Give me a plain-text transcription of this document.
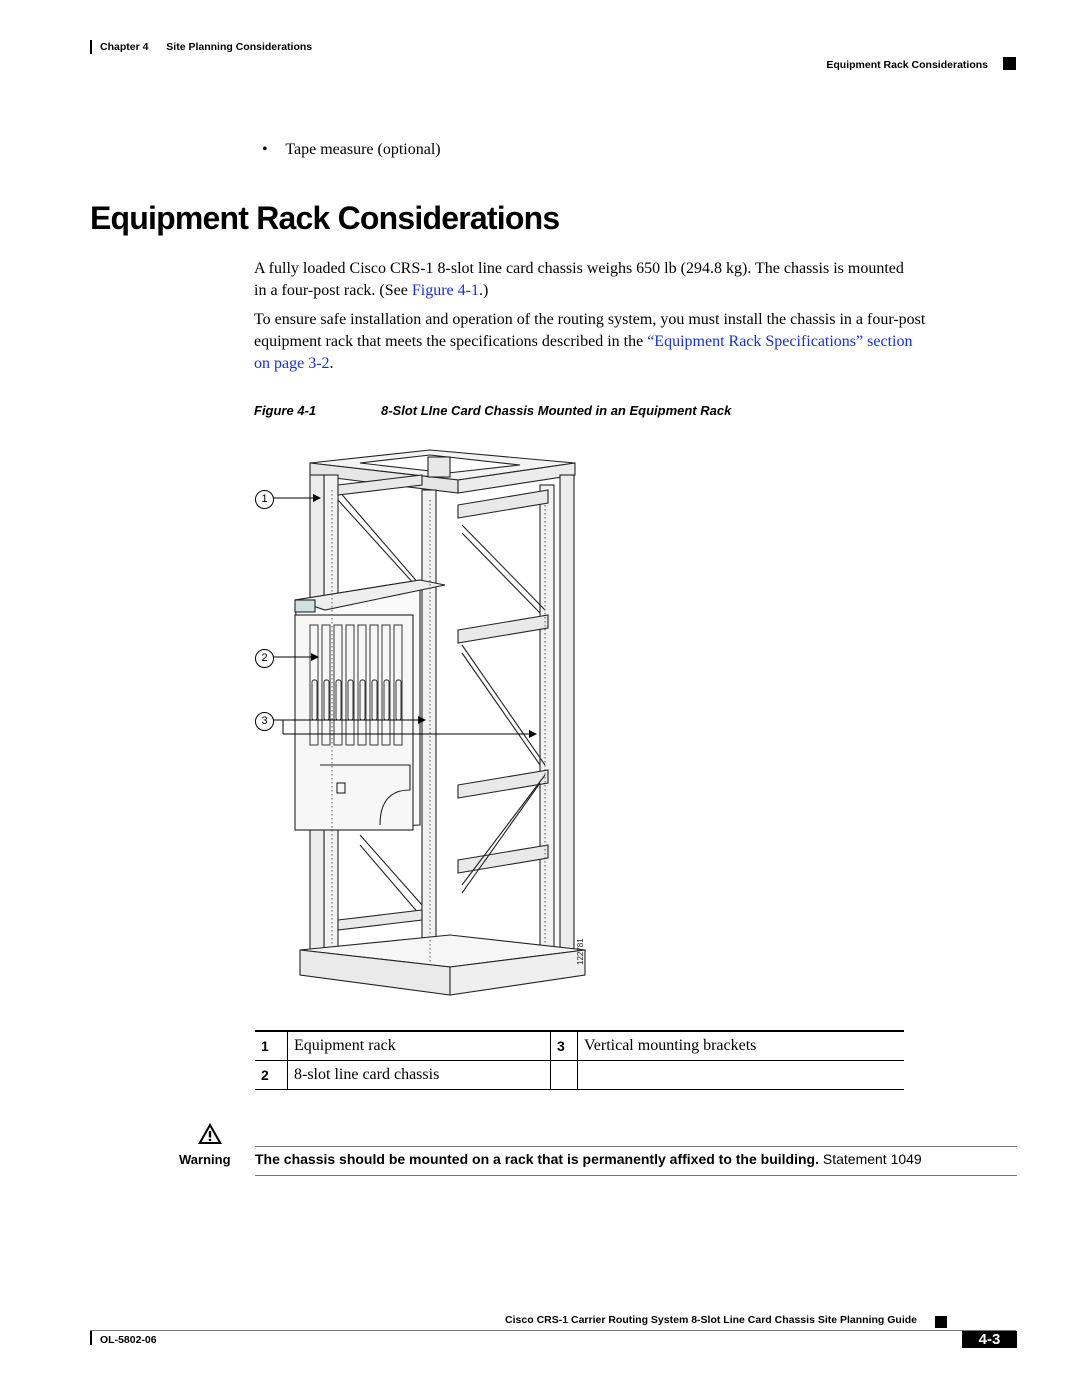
Chapter 4 Site Planning Considerations
Equipment Rack Considerations
• Tape measure (optional)
Equipment Rack Considerations
A fully loaded Cisco CRS-1 8-slot line card chassis weighs 650 lb (294.8 kg). The chassis is mounted
in a four-post rack. (See Figure 4-1.)
To ensure safe installation and operation of the routing system, you must install the chassis in a four-post
equipment rack that meets the specifications described in the “Equipment Rack Specifications” section
on page 3-2.
Figure 4-1	8-Slot LIne Card Chassis Mounted in an Equipment Rack
122781
1
2
3
1	Equipment rack	3	Vertical mounting brackets
2	8-slot line card chassis		
Warning The chassis should be mounted on a rack that is permanently affixed to the building. Statement 1049
Cisco CRS-1 Carrier Routing System 8-Slot Line Card Chassis Site Planning Guide
OL-5802-06	4-3
